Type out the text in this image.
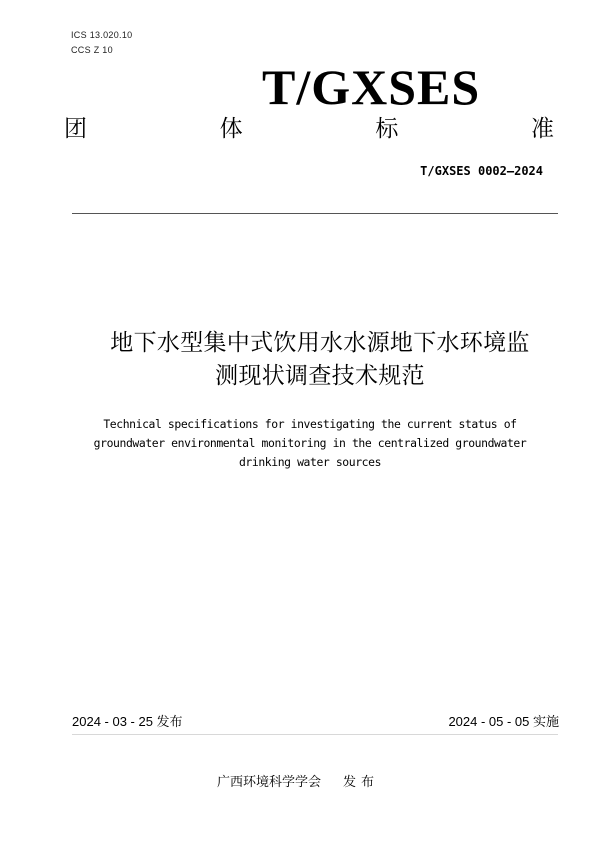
ICS 13.020.10
CCS Z 10
T/GXSES
团	体	标	准
T/GXSES 0002—2024
地下水型集中式饮用水水源地下水环境监
测现状调查技术规范
Technical specifications for investigating the current status of
groundwater environmental monitoring in the centralized groundwater
drinking water sources
2024 - 03 - 25 发布	2024 - 05 - 05 实施
广西环境科学学会 发布
